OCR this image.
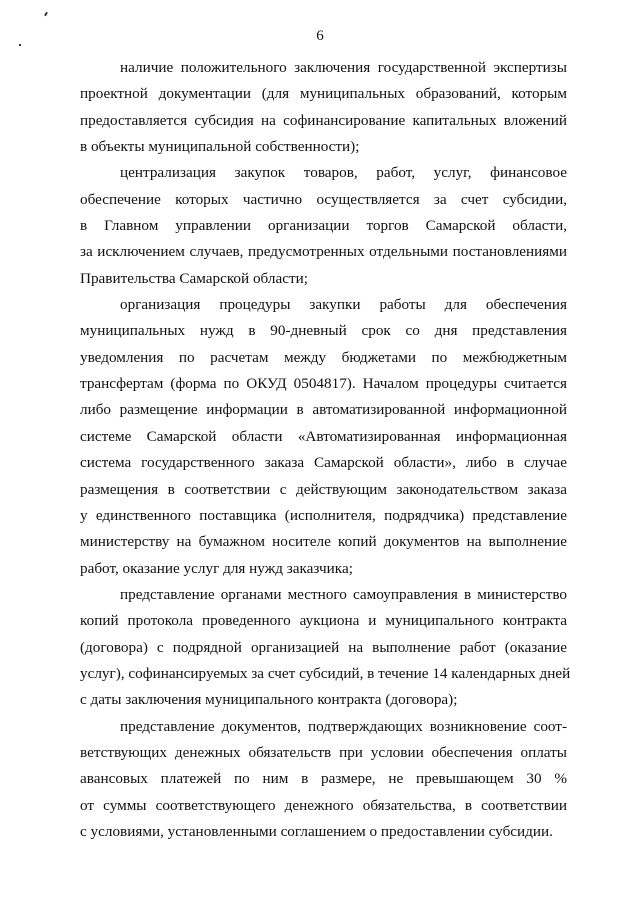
6
наличие положительного заключения государственной экспертизы
проектной документации (для муниципальных образований, которым
предоставляется субсидия на софинансирование капитальных вложений
в объекты муниципальной собственности);
централизация закупок товаров, работ, услуг, финансовое
обеспечение которых частично осуществляется за счет субсидии,
в Главном управлении организации торгов Самарской области,
за исключением случаев, предусмотренных отдельными постановлениями
Правительства Самарской области;
организация процедуры закупки работы для обеспечения
муниципальных нужд в 90-дневный срок со дня представления
уведомления по расчетам между бюджетами по межбюджетным
трансфертам (форма по ОКУД 0504817). Началом процедуры считается
либо размещение информации в автоматизированной информационной
системе Самарской области «Автоматизированная информационная
система государственного заказа Самарской области», либо в случае
размещения в соответствии с действующим законодательством заказа
у единственного поставщика (исполнителя, подрядчика) представление
министерству на бумажном носителе копий документов на выполнение
работ, оказание услуг для нужд заказчика;
представление органами местного самоуправления в министерство
копий протокола проведенного аукциона и муниципального контракта
(договора) с подрядной организацией на выполнение работ (оказание
услуг), софинансируемых за счет субсидий, в течение 14 календарных дней
с даты заключения муниципального контракта (договора);
представление документов, подтверждающих возникновение соот-
ветствующих денежных обязательств при условии обеспечения оплаты
авансовых платежей по ним в размере, не превышающем 30 %
от суммы соответствующего денежного обязательства, в соответствии
с условиями, установленными соглашением о предоставлении субсидии.
